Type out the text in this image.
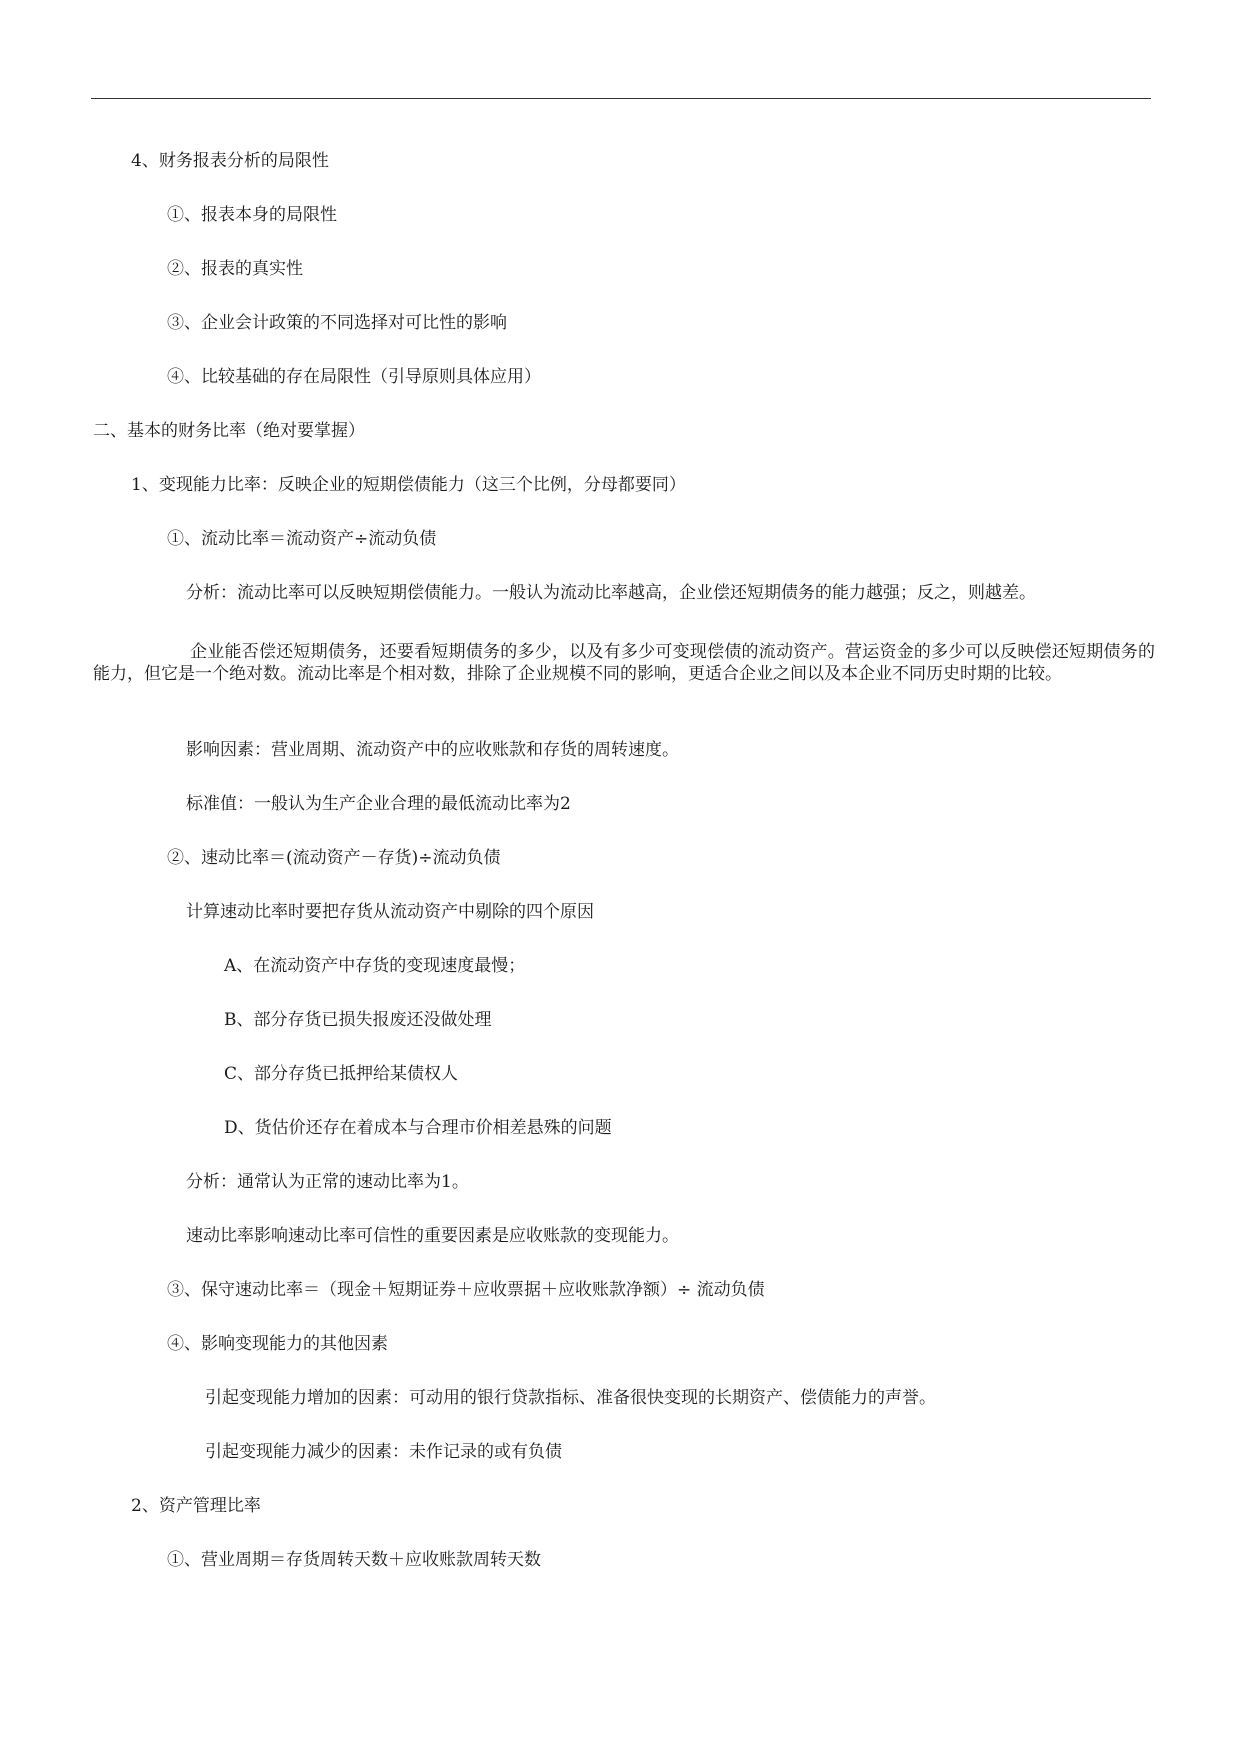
4、财务报表分析的局限性

①、报表本身的局限性

②、报表的真实性

③、企业会计政策的不同选择对可比性的影响

④、比较基础的存在局限性（引导原则具体应用）

二、基本的财务比率（绝对要掌握）

1、变现能力比率：反映企业的短期偿债能力（这三个比例，分母都要同）

①、流动比率＝流动资产÷流动负债

分析：流动比率可以反映短期偿债能力。一般认为流动比率越高，企业偿还短期债务的能力越强；反之，则越差。

企业能否偿还短期债务，还要看短期债务的多少，以及有多少可变现偿债的流动资产。营运资金的多少可以反映偿还短期债务的能力，但它是一个绝对数。流动比率是个相对数，排除了企业规模不同的影响，更适合企业之间以及本企业不同历史时期的比较。

影响因素：营业周期、流动资产中的应收账款和存货的周转速度。

标准值：一般认为生产企业合理的最低流动比率为2

②、速动比率＝(流动资产－存货)÷流动负债

计算速动比率时要把存货从流动资产中剔除的四个原因

A、在流动资产中存货的变现速度最慢；

B、部分存货已损失报废还没做处理

C、部分存货已抵押给某债权人

D、货估价还存在着成本与合理市价相差悬殊的问题

分析：通常认为正常的速动比率为1。

速动比率影响速动比率可信性的重要因素是应收账款的变现能力。

③、保守速动比率＝（现金＋短期证券＋应收票据＋应收账款净额）÷ 流动负债

④、影响变现能力的其他因素

引起变现能力增加的因素：可动用的银行贷款指标、准备很快变现的长期资产、偿债能力的声誉。

引起变现能力减少的因素：未作记录的或有负债

2、资产管理比率

①、营业周期＝存货周转天数＋应收账款周转天数
